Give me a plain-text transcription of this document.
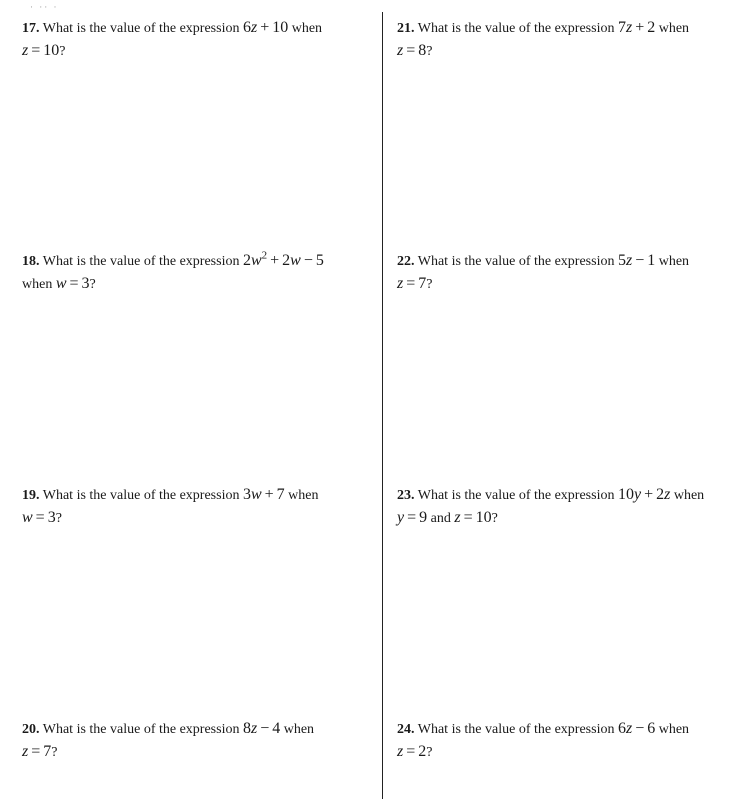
· ·· ·
17. What is the value of the expression 6z + 10 when
z = 10?
18. What is the value of the expression $2w^2 + 2w - 5$
when w = 3?
19. What is the value of the expression 3w + 7 when
w = 3?
20. What is the value of the expression 8z − 4 when
z = 7?
21. What is the value of the expression 7z + 2 when
z = 8?
22. What is the value of the expression 5z − 1 when
z = 7?
23. What is the value of the expression 10y + 2z when
y = 9 and z = 10?
24. What is the value of the expression 6z − 6 when
z = 2?
